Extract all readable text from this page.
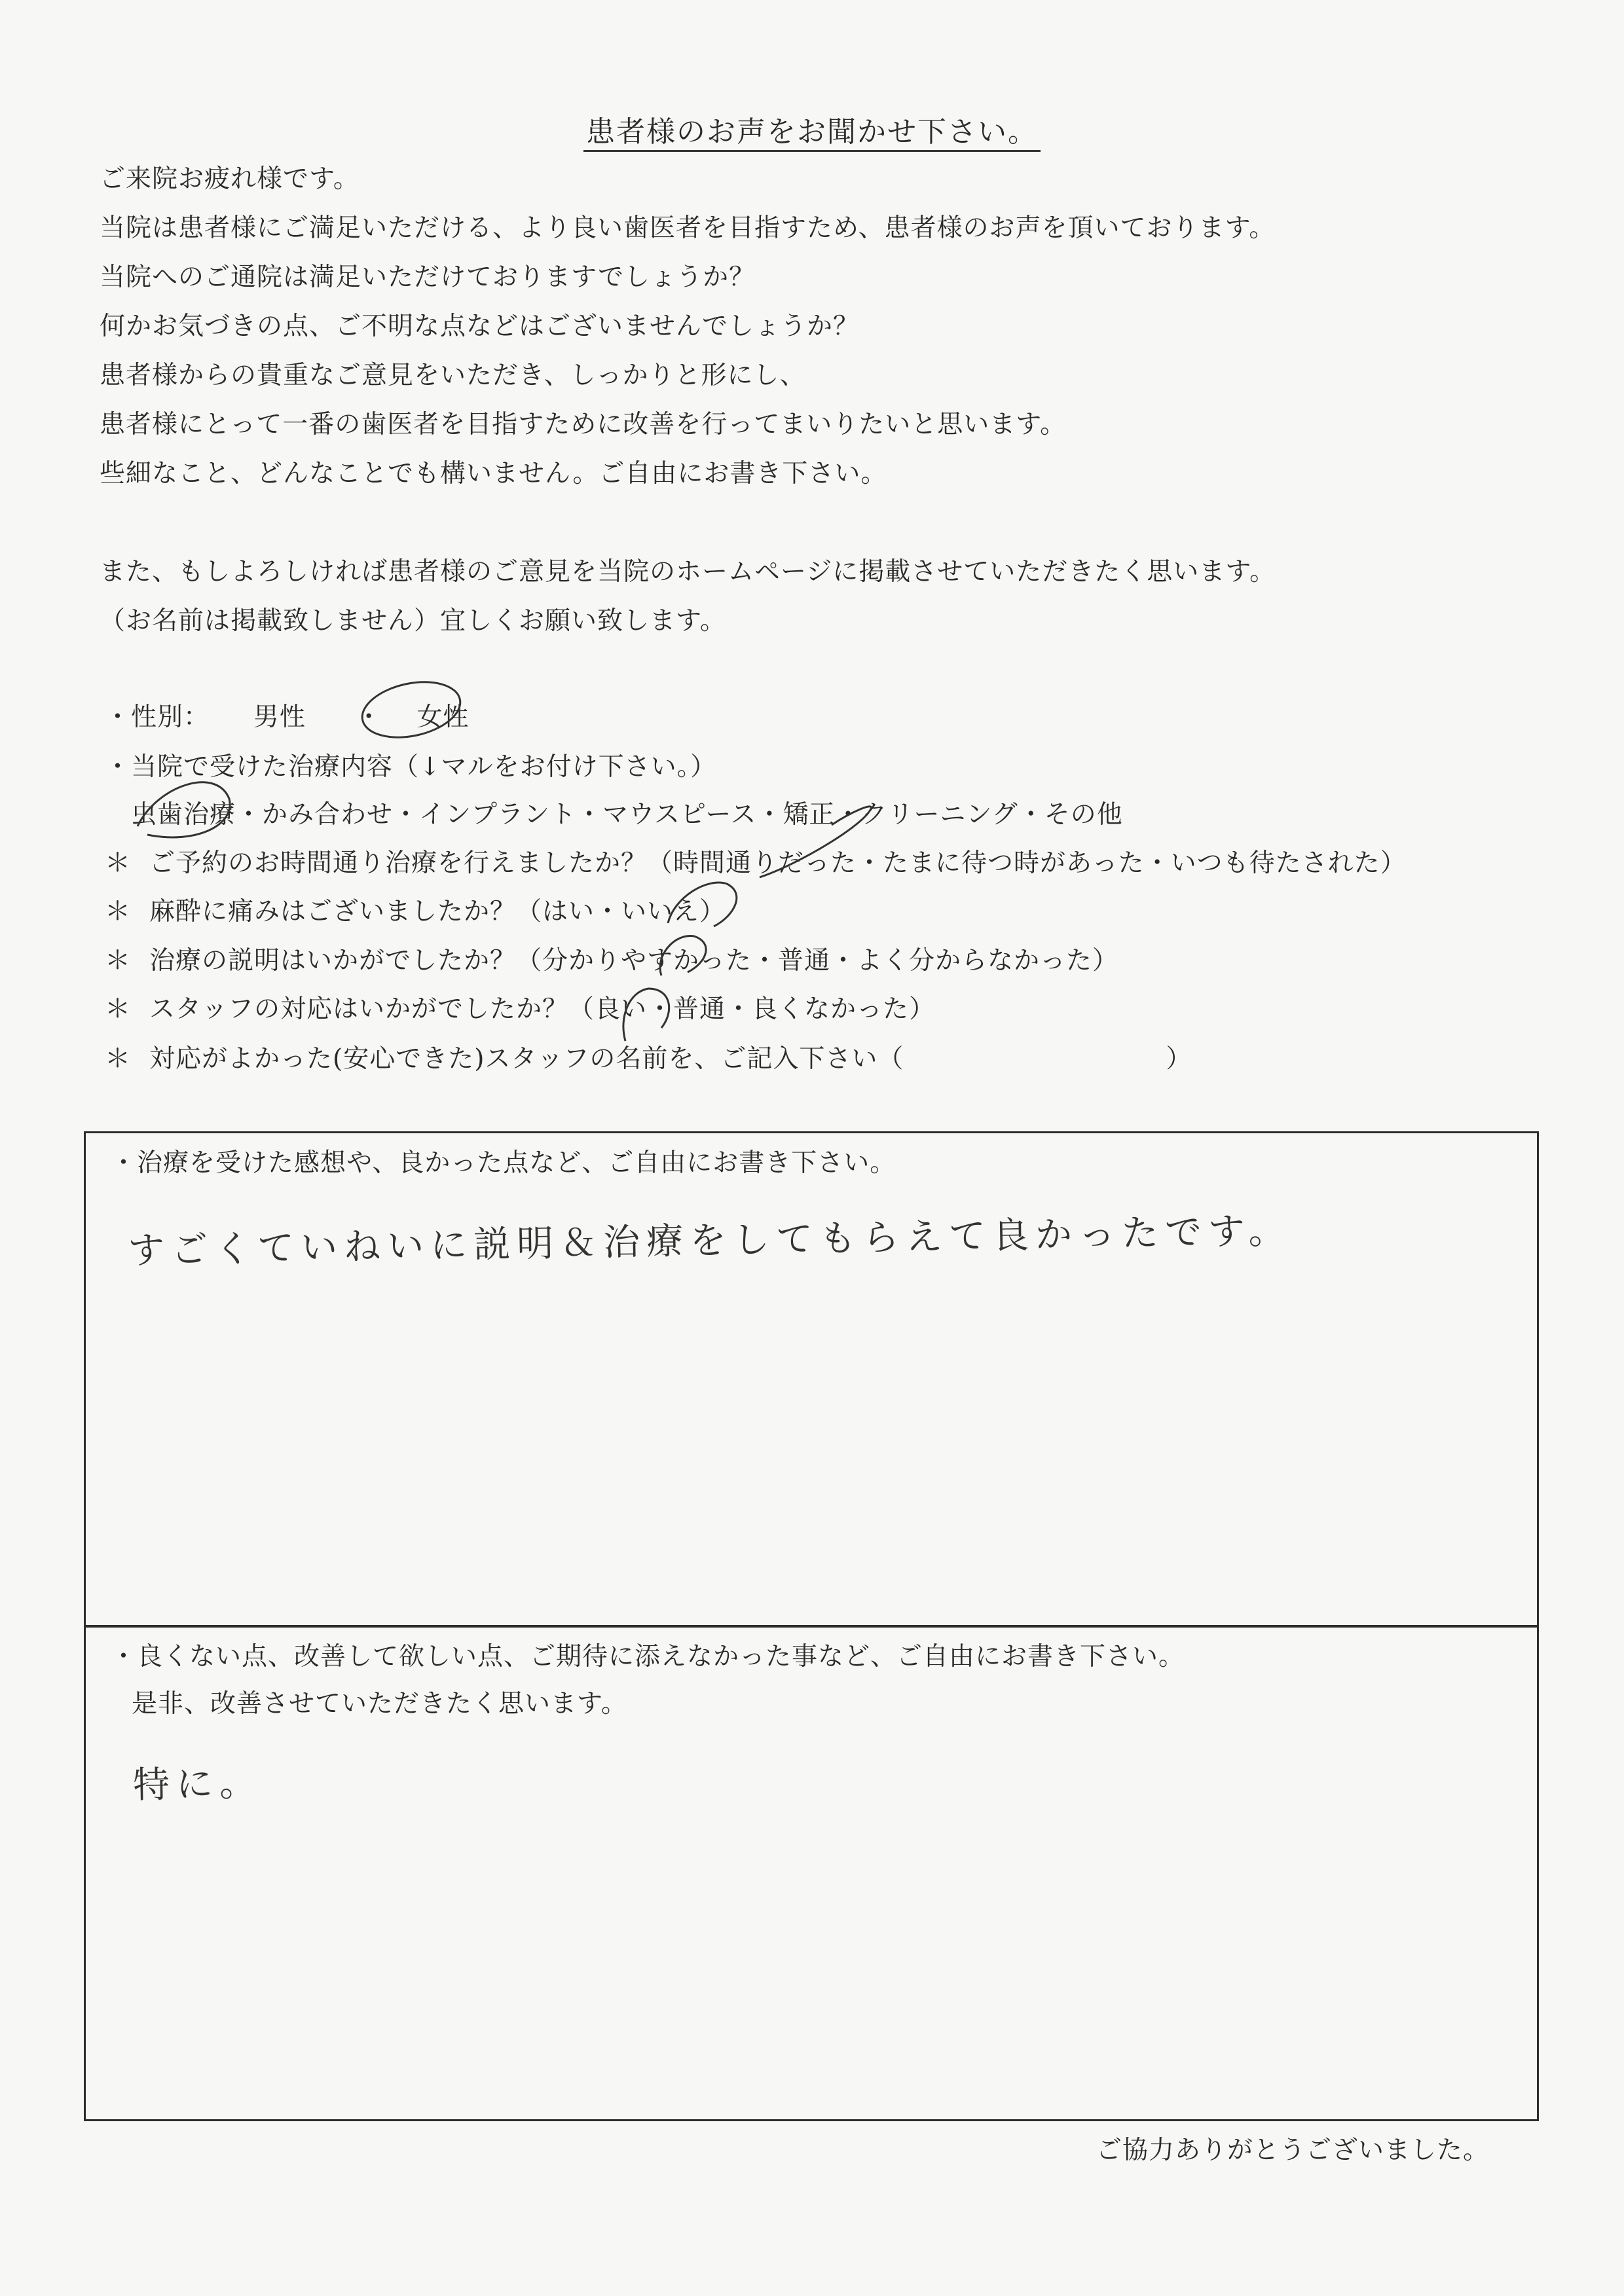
患者様のお声をお聞かせ下さい。
ご来院お疲れ様です。
当院は患者様にご満足いただける、より良い歯医者を目指すため、患者様のお声を頂いております。
当院へのご通院は満足いただけておりますでしょうか？
何かお気づきの点、ご不明な点などはございませんでしょうか？
患者様からの貴重なご意見をいただき、しっかりと形にし、
患者様にとって一番の歯医者を目指すために改善を行ってまいりたいと思います。
些細なこと、どんなことでも構いません。ご自由にお書き下さい。
また、もしよろしければ患者様のご意見を当院のホームページに掲載させていただきたく思います。
（お名前は掲載致しません）宜しくお願い致します。
・性別： 男性 ・ 女性
・当院で受けた治療内容（↓マルをお付け下さい。）
虫歯治療・かみ合わせ・インプラント・マウスピース・矯正・クリーニング・その他
＊ ご予約のお時間通り治療を行えましたか？（時間通りだった・たまに待つ時があった・いつも待たされた）
＊ 麻酔に痛みはございましたか？（はい・いいえ）
＊ 治療の説明はいかがでしたか？（分かりやすかった・普通・よく分からなかった）
＊ スタッフの対応はいかがでしたか？（良い・普通・良くなかった）
＊ 対応がよかった(安心できた)スタッフの名前を、ご記入下さい（　　　　　　　　　　）
・治療を受けた感想や、良かった点など、ご自由にお書き下さい。
すごくていねいに説明＆治療をしてもらえて良かったです。
・良くない点、改善して欲しい点、ご期待に添えなかった事など、ご自由にお書き下さい。
是非、改善させていただきたく思います。
特に。
ご協力ありがとうございました。
